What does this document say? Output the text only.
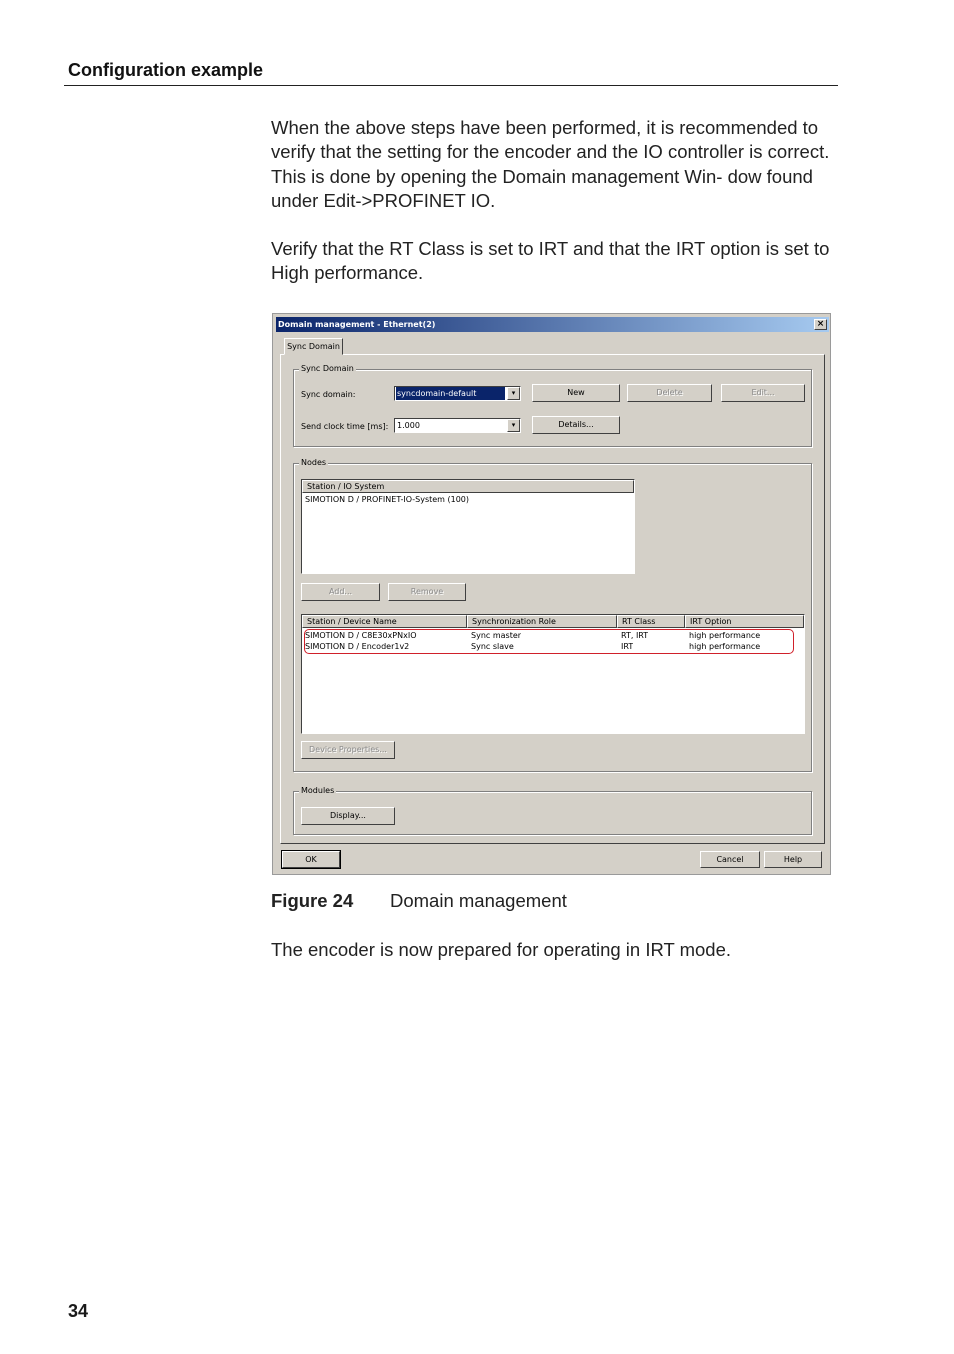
Configuration example

When the above steps have been performed, it is recommended to verify that the setting for the encoder and the IO controller is correct. This is done by opening the Domain management Win- dow found under Edit->PROFINET IO.

Verify that the RT Class is set to IRT and that the IRT option is set to High performance.

Domain management - Ethernet(2)	×
Sync Domain
Sync Domain
Sync domain:	syncdomain-default	▾	New	Delete	Edit...
Send clock time [ms]: 1.000	▾	Details...
Nodes
Station / IO System
SIMOTION D / PROFINET-IO-System (100)
Add...	Remove
Station / Device Name	Synchronization Role	RT Class	IRT Option
SIMOTION D / C8E30xPNxIO	Sync master	RT, IRT	high performance
SIMOTION D / Encoder1v2	Sync slave	IRT	high performance
Device Properties...
Modules
Display...
OK	Cancel	Help
Figure 24 Domain management

The encoder is now prepared for operating in IRT mode.

34
